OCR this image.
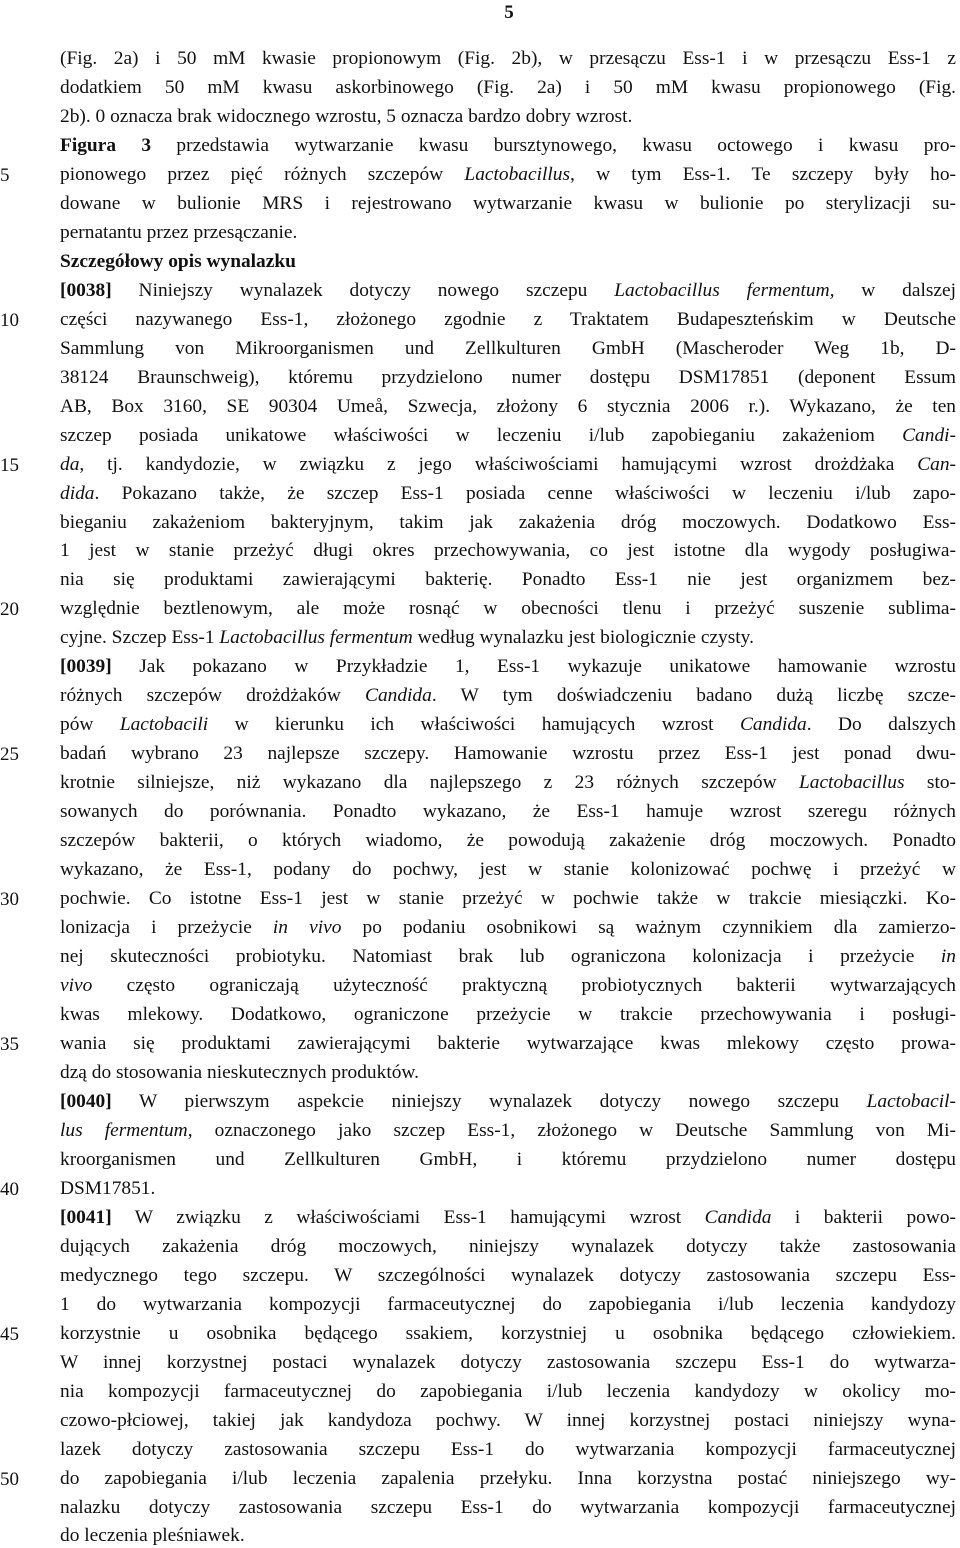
5
5
10
15
20
25
30
35
40
45
50
(Fig. 2a) i 50 mM kwasie propionowym (Fig. 2b), w przesączu Ess-1 i w przesączu Ess-1 z
dodatkiem 50 mM kwasu askorbinowego (Fig. 2a) i 50 mM kwasu propionowego (Fig.
2b). 0 oznacza brak widocznego wzrostu, 5 oznacza bardzo dobry wzrost.
Figura 3 przedstawia wytwarzanie kwasu bursztynowego, kwasu octowego i kwasu pro-
pionowego przez pięć różnych szczepów Lactobacillus, w tym Ess-1. Te szczepy były ho-
dowane w bulionie MRS i rejestrowano wytwarzanie kwasu w bulionie po sterylizacji su-
pernatantu przez przesączanie.
Szczegółowy opis wynalazku
[0038] Niniejszy wynalazek dotyczy nowego szczepu Lactobacillus fermentum, w dalszej
części nazywanego Ess-1, złożonego zgodnie z Traktatem Budapeszteńskim w Deutsche
Sammlung von Mikroorganismen und Zellkulturen GmbH (Mascheroder Weg 1b, D-
38124 Braunschweig), któremu przydzielono numer dostępu DSM17851 (deponent Essum
AB, Box 3160, SE 90304 Umeå, Szwecja, złożony 6 stycznia 2006 r.). Wykazano, że ten
szczep posiada unikatowe właściwości w leczeniu i/lub zapobieganiu zakażeniom Candi-
da, tj. kandydozie, w związku z jego właściwościami hamującymi wzrost drożdżaka Can-
dida. Pokazano także, że szczep Ess-1 posiada cenne właściwości w leczeniu i/lub zapo-
bieganiu zakażeniom bakteryjnym, takim jak zakażenia dróg moczowych. Dodatkowo Ess-
1 jest w stanie przeżyć długi okres przechowywania, co jest istotne dla wygody posługiwa-
nia się produktami zawierającymi bakterię. Ponadto Ess-1 nie jest organizmem bez-
względnie beztlenowym, ale może rosnąć w obecności tlenu i przeżyć suszenie sublima-
cyjne. Szczep Ess-1 Lactobacillus fermentum według wynalazku jest biologicznie czysty.
[0039] Jak pokazano w Przykładzie 1, Ess-1 wykazuje unikatowe hamowanie wzrostu
różnych szczepów drożdżaków Candida. W tym doświadczeniu badano dużą liczbę szcze-
pów Lactobacili w kierunku ich właściwości hamujących wzrost Candida. Do dalszych
badań wybrano 23 najlepsze szczepy. Hamowanie wzrostu przez Ess-1 jest ponad dwu-
krotnie silniejsze, niż wykazano dla najlepszego z 23 różnych szczepów Lactobacillus sto-
sowanych do porównania. Ponadto wykazano, że Ess-1 hamuje wzrost szeregu różnych
szczepów bakterii, o których wiadomo, że powodują zakażenie dróg moczowych. Ponadto
wykazano, że Ess-1, podany do pochwy, jest w stanie kolonizować pochwę i przeżyć w
pochwie. Co istotne Ess-1 jest w stanie przeżyć w pochwie także w trakcie miesiączki. Ko-
lonizacja i przeżycie in vivo po podaniu osobnikowi są ważnym czynnikiem dla zamierzo-
nej skuteczności probiotyku. Natomiast brak lub ograniczona kolonizacja i przeżycie in
vivo często ograniczają użyteczność praktyczną probiotycznych bakterii wytwarzających
kwas mlekowy. Dodatkowo, ograniczone przeżycie w trakcie przechowywania i posługi-
wania się produktami zawierającymi bakterie wytwarzające kwas mlekowy często prowa-
dzą do stosowania nieskutecznych produktów.
[0040] W pierwszym aspekcie niniejszy wynalazek dotyczy nowego szczepu Lactobacil-
lus fermentum, oznaczonego jako szczep Ess-1, złożonego w Deutsche Sammlung von Mi-
kroorganismen und Zellkulturen GmbH, i któremu przydzielono numer dostępu
DSM17851.
[0041] W związku z właściwościami Ess-1 hamującymi wzrost Candida i bakterii powo-
dujących zakażenia dróg moczowych, niniejszy wynalazek dotyczy także zastosowania
medycznego tego szczepu. W szczególności wynalazek dotyczy zastosowania szczepu Ess-
1 do wytwarzania kompozycji farmaceutycznej do zapobiegania i/lub leczenia kandydozy
korzystnie u osobnika będącego ssakiem, korzystniej u osobnika będącego człowiekiem.
W innej korzystnej postaci wynalazek dotyczy zastosowania szczepu Ess-1 do wytwarza-
nia kompozycji farmaceutycznej do zapobiegania i/lub leczenia kandydozy w okolicy mo-
czowo-płciowej, takiej jak kandydoza pochwy. W innej korzystnej postaci niniejszy wyna-
lazek dotyczy zastosowania szczepu Ess-1 do wytwarzania kompozycji farmaceutycznej
do zapobiegania i/lub leczenia zapalenia przełyku. Inna korzystna postać niniejszego wy-
nalazku dotyczy zastosowania szczepu Ess-1 do wytwarzania kompozycji farmaceutycznej
do leczenia pleśniawek.
